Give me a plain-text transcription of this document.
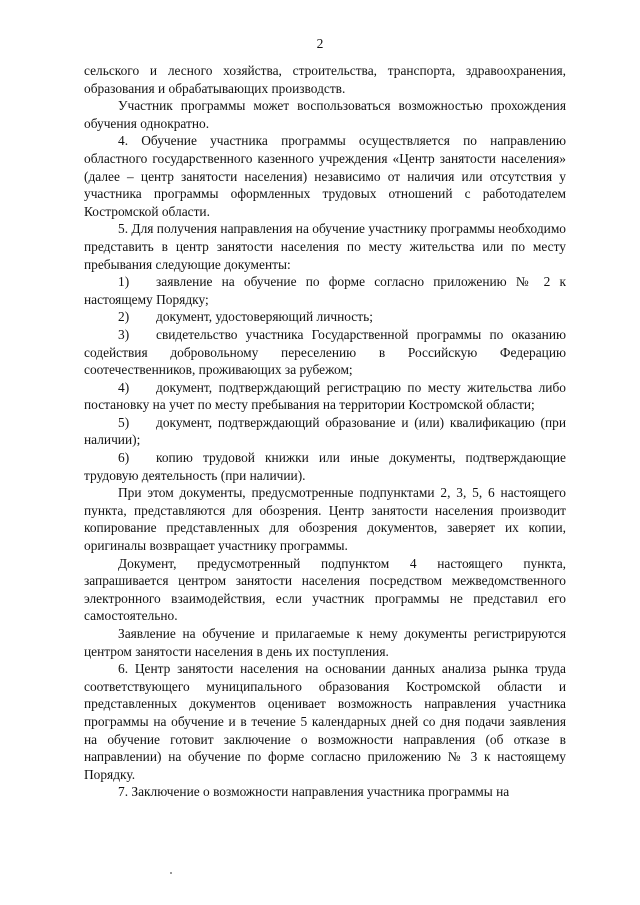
2

сельского и лесного хозяйства, строительства, транспорта, здравоохранения, образования и обрабатывающих производств.

Участник программы может воспользоваться возможностью прохождения обучения однократно.

4. Обучение участника программы осуществляется по направлению областного государственного казенного учреждения «Центр занятости населения» (далее – центр занятости населения) независимо от наличия или отсутствия у участника программы оформленных трудовых отношений с работодателем Костромской области.

5. Для получения направления на обучение участнику программы необходимо представить в центр занятости населения по месту жительства или по месту пребывания следующие документы:

1) заявление на обучение по форме согласно приложению № 2 к настоящему Порядку;

2) документ, удостоверяющий личность;

3) свидетельство участника Государственной программы по оказанию содействия добровольному переселению в Российскую Федерацию соотечественников, проживающих за рубежом;

4) документ, подтверждающий регистрацию по месту жительства либо постановку на учет по месту пребывания на территории Костромской области;

5) документ, подтверждающий образование и (или) квалификацию (при наличии);

6) копию трудовой книжки или иные документы, подтверждающие трудовую деятельность (при наличии).

При этом документы, предусмотренные подпунктами 2, 3, 5, 6 настоящего пункта, представляются для обозрения. Центр занятости населения производит копирование представленных для обозрения документов, заверяет их копии, оригиналы возвращает участнику программы.

Документ, предусмотренный подпунктом 4 настоящего пункта, запрашивается центром занятости населения посредством межведомственного электронного взаимодействия, если участник программы не представил его самостоятельно.

Заявление на обучение и прилагаемые к нему документы регистрируются центром занятости населения в день их поступления.

6. Центр занятости населения на основании данных анализа рынка труда соответствующего муниципального образования Костромской области и представленных документов оценивает возможность направления участника программы на обучение и в течение 5 календарных дней со дня подачи заявления на обучение готовит заключение о возможности направления (об отказе в направлении) на обучение по форме согласно приложению № 3 к настоящему Порядку.

7. Заключение о возможности направления участника программы на
